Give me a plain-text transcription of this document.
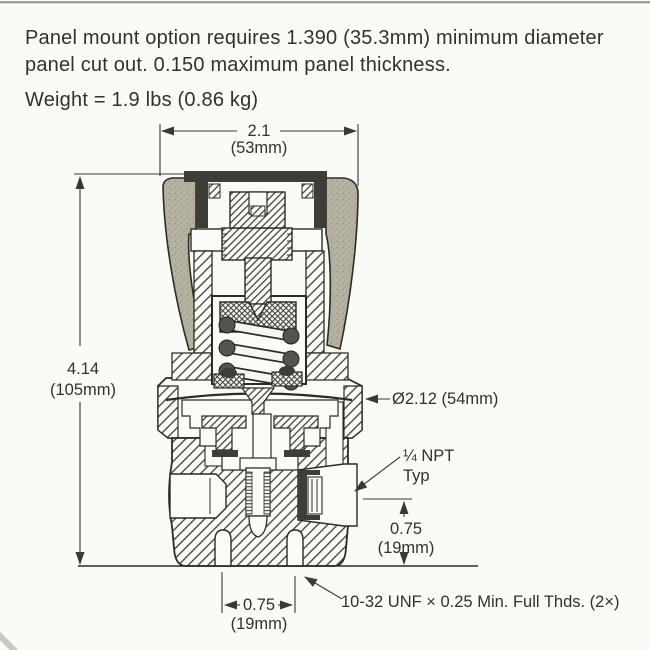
Panel mount option requires 1.390 (35.3mm) minimum diameter
panel cut out. 0.150 maximum panel thickness.
Weight = 1.9 lbs (0.86 kg)
2.1
(53mm)
4.14
(105mm)	Ø2.12 (54mm)
¼ NPT
Typ
0.75
(19mm)
0.75
(19mm)
10-32 UNF × 0.25 Min. Full Thds. (2×)
